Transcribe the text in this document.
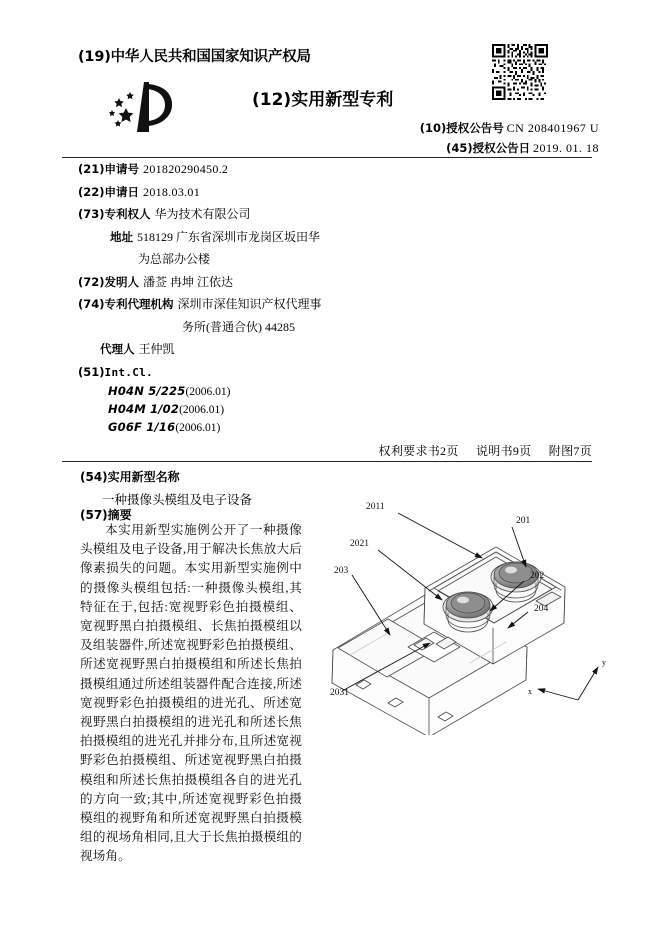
(19)中华人民共和国国家知识产权局
(12)实用新型专利
(10)授权公告号 CN 208401967 U
(45)授权公告日 2019. 01. 18
(21)申请号 201820290450.2
(22)申请日 2018.03.01
(73)专利权人 华为技术有限公司
地址 518129 广东省深圳市龙岗区坂田华
为总部办公楼
(72)发明人 潘莶 冉坤 江依达
(74)专利代理机构 深圳市深佳知识产权代理事
务所(普通合伙) 44285
代理人 王仲凯
(51)Int.Cl.
H04N 5/225(2006.01)
H04M 1/02(2006.01)
G06F 1/16(2006.01)
权利要求书2页 说明书9页 附图7页
(54)实用新型名称
一种摄像头模组及电子设备
(57)摘要
本实用新型实施例公开了一种摄像头模组及电子设备,用于解决长焦放大后像素损失的问题。本实用新型实施例中的摄像头模组包括:一种摄像头模组,其特征在于,包括:宽视野彩色拍摄模组、宽视野黑白拍摄模组、长焦拍摄模组以及组装器件,所述宽视野彩色拍摄模组、所述宽视野黑白拍摄模组和所述长焦拍摄模组通过所述组装器件配合连接,所述宽视野彩色拍摄模组的进光孔、所述宽视野黑白拍摄模组的进光孔和所述长焦拍摄模组的进光孔并排分布,且所述宽视野彩色拍摄模组、所述宽视野黑白拍摄模组和所述长焦拍摄模组各自的进光孔的方向一致;其中,所述宽视野彩色拍摄模组的视野角和所述宽视野黑白拍摄模组的视场角相同,且大于长焦拍摄模组的视场角。
2011
201
2021
202
203
204
2031
y
x
